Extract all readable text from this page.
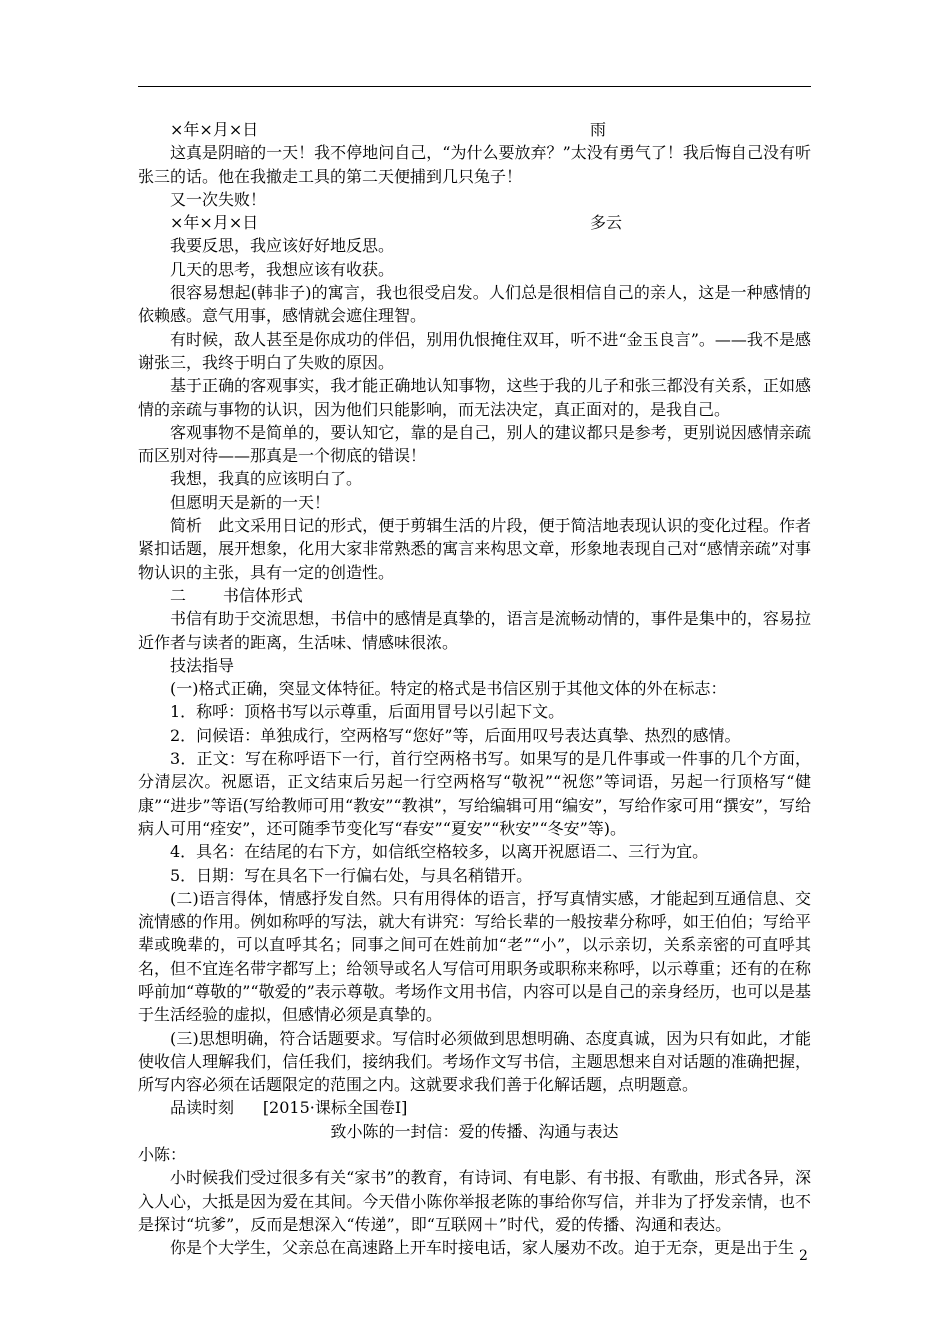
×年×月×日	雨

这真是阴暗的一天！我不停地问自己，“为什么要放弃？”太没有勇气了！我后悔自己没有听张三的话。他在我撤走工具的第二天便捕到几只兔子！

又一次失败！

×年×月×日	多云

我要反思，我应该好好地反思。

几天的思考，我想应该有收获。

很容易想起(韩非子)的寓言，我也很受启发。人们总是很相信自己的亲人，这是一种感情的依赖感。意气用事，感情就会遮住理智。

有时候，敌人甚至是你成功的伴侣，别用仇恨掩住双耳，听不进“金玉良言”。——我不是感谢张三，我终于明白了失败的原因。

基于正确的客观事实，我才能正确地认知事物，这些于我的儿子和张三都没有关系，正如感情的亲疏与事物的认识，因为他们只能影响，而无法决定，真正面对的，是我自己。

客观事物不是简单的，要认知它，靠的是自己，别人的建议都只是参考，更别说因感情亲疏而区别对待——那真是一个彻底的错误！

我想，我真的应该明白了。

但愿明天是新的一天！

简析　此文采用日记的形式，便于剪辑生活的片段，便于简洁地表现认识的变化过程。作者紧扣话题，展开想象，化用大家非常熟悉的寓言来构思文章，形象地表现自己对“感情亲疏”对事物认识的主张，具有一定的创造性。

二 书信体形式

书信有助于交流思想，书信中的感情是真挚的，语言是流畅动情的，事件是集中的，容易拉近作者与读者的距离，生活味、情感味很浓。

技法指导

(一)格式正确，突显文体特征。特定的格式是书信区别于其他文体的外在标志：

1．称呼：顶格书写以示尊重，后面用冒号以引起下文。

2．问候语：单独成行，空两格写“您好”等，后面用叹号表达真挚、热烈的感情。

3．正文：写在称呼语下一行，首行空两格书写。如果写的是几件事或一件事的几个方面，分清层次。祝愿语，正文结束后另起一行空两格写“敬祝”“祝您”等词语，另起一行顶格写“健康”“进步”等语(写给教师可用“教安”“教祺”，写给编辑可用“编安”，写给作家可用“撰安”，写给病人可用“痊安”，还可随季节变化写“春安”“夏安”“秋安”“冬安”等)。

4．具名：在结尾的右下方，如信纸空格较多，以离开祝愿语二、三行为宜。

5．日期：写在具名下一行偏右处，与具名稍错开。

(二)语言得体，情感抒发自然。只有用得体的语言，抒写真情实感，才能起到互通信息、交流情感的作用。例如称呼的写法，就大有讲究：写给长辈的一般按辈分称呼，如王伯伯；写给平辈或晚辈的，可以直呼其名；同事之间可在姓前加“老”“小”，以示亲切，关系亲密的可直呼其名，但不宜连名带字都写上；给领导或名人写信可用职务或职称来称呼，以示尊重；还有的在称呼前加“尊敬的”“敬爱的”表示尊敬。考场作文用书信，内容可以是自己的亲身经历，也可以是基于生活经验的虚拟，但感情必须是真挚的。

(三)思想明确，符合话题要求。写信时必须做到思想明确、态度真诚，因为只有如此，才能使收信人理解我们，信任我们，接纳我们。考场作文写书信，主题思想来自对话题的准确把握，所写内容必须在话题限定的范围之内。这就要求我们善于化解话题，点明题意。

品读时刻 [2015·课标全国卷Ⅰ]

致小陈的一封信：爱的传播、沟通与表达

小陈：

小时候我们受过很多有关“家书”的教育，有诗词、有电影、有书报、有歌曲，形式各异，深入人心，大抵是因为爱在其间。今天借小陈你举报老陈的事给你写信，并非为了抒发亲情，也不是探讨“坑爹”，反而是想深入“传递”，即“互联网＋”时代，爱的传播、沟通和表达。

你是个大学生，父亲总在高速路上开车时接电话，家人屡劝不改。迫于无奈，更是出于生 2
